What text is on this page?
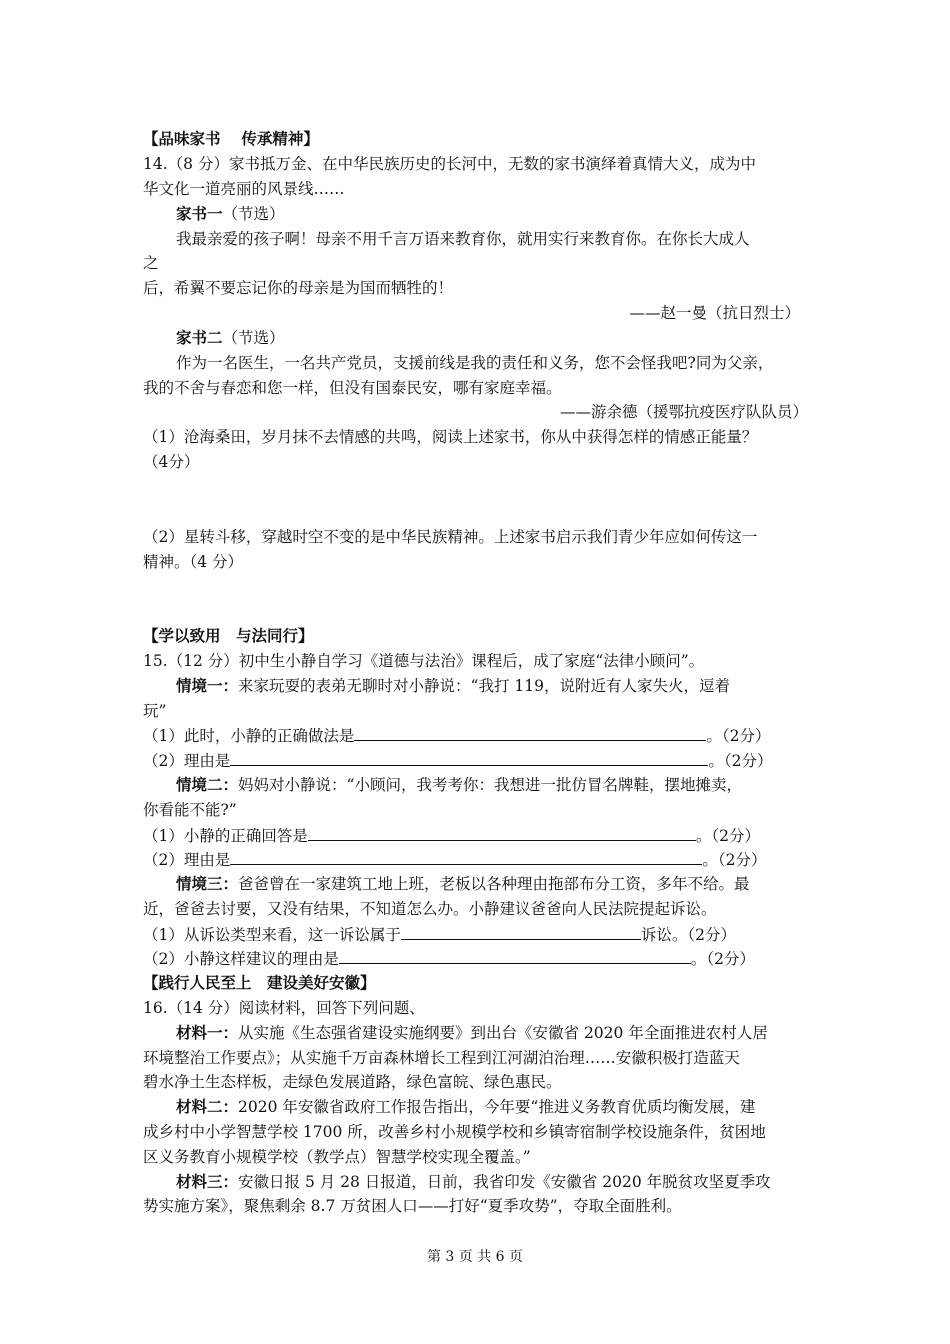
【品味家书　 传承精神】
14.（8 分）家书抵万金、在中华民族历史的长河中，无数的家书演绎着真情大义，成为中
华文化一道亮丽的风景线……
家书一（节选）
我最亲爱的孩子啊！母亲不用千言万语来教育你，就用实行来教育你。在你长大成人
之
后，希翼不要忘记你的母亲是为国而牺牲的！
——赵一曼（抗日烈士）
家书二（节选）
作为一名医生，一名共产党员，支援前线是我的责任和义务，您不会怪我吧?同为父亲，
我的不舍与春恋和您一样，但没有国泰民安，哪有家庭幸福。
——游余德（援鄂抗疫医疗队队员）
（1）沧海桑田，岁月抹不去情感的共鸣，阅读上述家书，你从中获得怎样的情感正能量？
（4分）
（2）星转斗移，穿越时空不变的是中华民族精神。上述家书启示我们青少年应如何传这一
精神。（4 分）
【学以致用　与法同行】
15.（12 分）初中生小静自学习《道德与法治》课程后，成了家庭“法律小顾问”。
情境一：来家玩耍的表弟无聊时对小静说：“我打 119，说附近有人家失火，逗着
玩”
（1）此时，小静的正确做法是	。（2分）
（2）理由是	。（2分）
情境二：妈妈对小静说：“小顾问，我考考你：我想进一批仿冒名牌鞋，摆地摊卖，
你看能不能?”
（1）小静的正确回答是	。（2分）
（2）理由是	。（2分）
情境三：爸爸曾在一家建筑工地上班，老板以各种理由拖部布分工资，多年不给。最
近，爸爸去讨要，又没有结果，不知道怎么办。小静建议爸爸向人民法院提起诉讼。
（1）从诉讼类型来看，这一诉讼属于	诉讼。（2分）
（2）小静这样建议的理由是	。（2分）
【践行人民至上　建设美好安徽】
16.（14 分）阅读材料，回答下列问题、
材料一：从实施《生态强省建设实施纲要》到出台《安徽省 2020 年全面推进农村人居
环境整治工作要点》；从实施千万亩森林增长工程到江河湖泊治理……安徽积极打造蓝天
碧水净土生态样板，走绿色发展道路，绿色富皖、绿色惠民。
材料二：2020 年安徽省政府工作报告指出，今年要“推进义务教育优质均衡发展，建
成乡村中小学智慧学校 1700 所，改善乡村小规模学校和乡镇寄宿制学校设施条件，贫困地
区义务教育小规模学校（教学点）智慧学校实现全覆盖。”
材料三：安徽日报 5 月 28 日报道，日前，我省印发《安徽省 2020 年脱贫攻坚夏季攻
势实施方案》，聚焦剩余 8.7 万贫困人口——打好“夏季攻势”，夺取全面胜利。
第 3 页 共 6 页
